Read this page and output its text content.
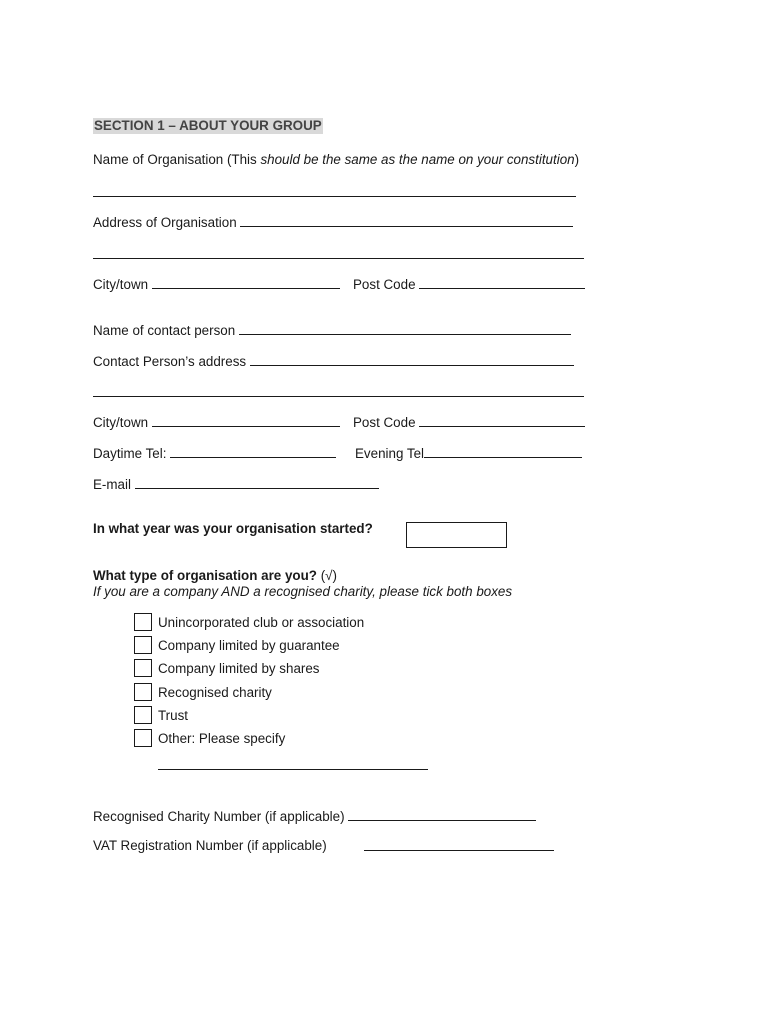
SECTION 1 – ABOUT YOUR GROUP
Name of Organisation (This should be the same as the name on your constitution)
Address of Organisation
City/town	Post Code
Name of contact person
Contact Person’s address
City/town	Post Code
Daytime Tel:	Evening Tel
E-mail
In what year was your organisation started?
What type of organisation are you? (√)
If you are a company AND a recognised charity, please tick both boxes
Unincorporated club or association
Company limited by guarantee
Company limited by shares
Recognised charity
Trust
Other: Please specify
Recognised Charity Number (if applicable)
VAT Registration Number (if applicable)
